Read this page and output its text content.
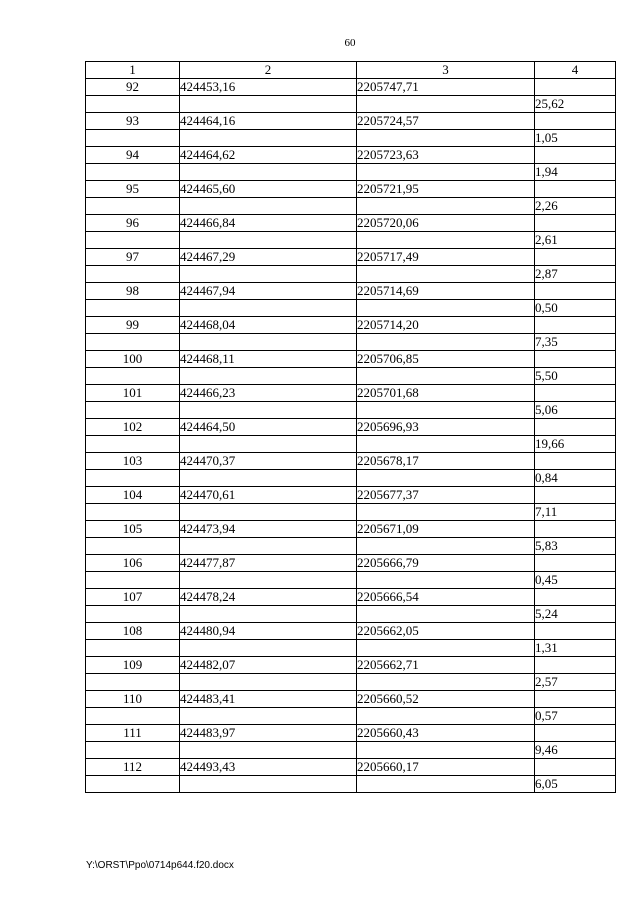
60
1	2	3	4
92	424453,16	2205747,71	
			25,62
93	424464,16	2205724,57	
			1,05
94	424464,62	2205723,63	
			1,94
95	424465,60	2205721,95	
			2,26
96	424466,84	2205720,06	
			2,61
97	424467,29	2205717,49	
			2,87
98	424467,94	2205714,69	
			0,50
99	424468,04	2205714,20	
			7,35
100	424468,11	2205706,85	
			5,50
101	424466,23	2205701,68	
			5,06
102	424464,50	2205696,93	
			19,66
103	424470,37	2205678,17	
			0,84
104	424470,61	2205677,37	
			7,11
105	424473,94	2205671,09	
			5,83
106	424477,87	2205666,79	
			0,45
107	424478,24	2205666,54	
			5,24
108	424480,94	2205662,05	
			1,31
109	424482,07	2205662,71	
			2,57
110	424483,41	2205660,52	
			0,57
111	424483,97	2205660,43	
			9,46
112	424493,43	2205660,17	
			6,05
Y:\ORST\Ppo\0714p644.f20.docx
